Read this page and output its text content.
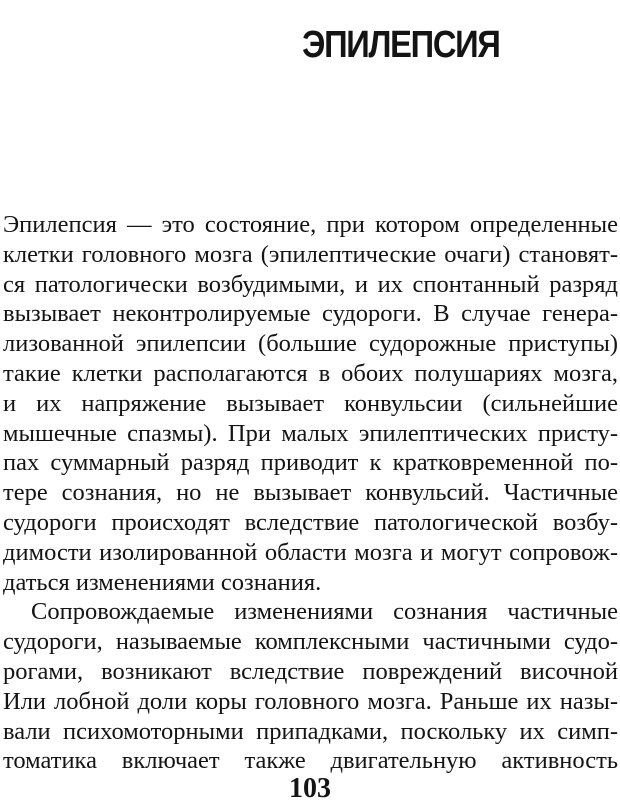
ЭПИЛЕПСИЯ
Эпилепсия — это состояние, при котором определенные
клетки головного мозга (эпилептические очаги) становят-
ся патологически возбудимыми, и их спонтанный разряд
вызывает неконтролируемые судороги. В случае генера-
лизованной эпилепсии (большие судорожные приступы)
такие клетки располагаются в обоих полушариях мозга,
и их напряжение вызывает конвульсии (сильнейшие
мышечные спазмы). При малых эпилептических присту-
пах суммарный разряд приводит к кратковременной по-
тере сознания, но не вызывает конвульсий. Частичные
судороги происходят вследствие патологической возбу-
димости изолированной области мозга и могут сопровож-
даться изменениями сознания.
Сопровождаемые изменениями сознания частичные
судороги, называемые комплексными частичными судо-
рогами, возникают вследствие повреждений височной
Или лобной доли коры головного мозга. Раньше их назы-
вали психомоторными припадками, поскольку их симп-
томатика включает также двигательную активность
103
